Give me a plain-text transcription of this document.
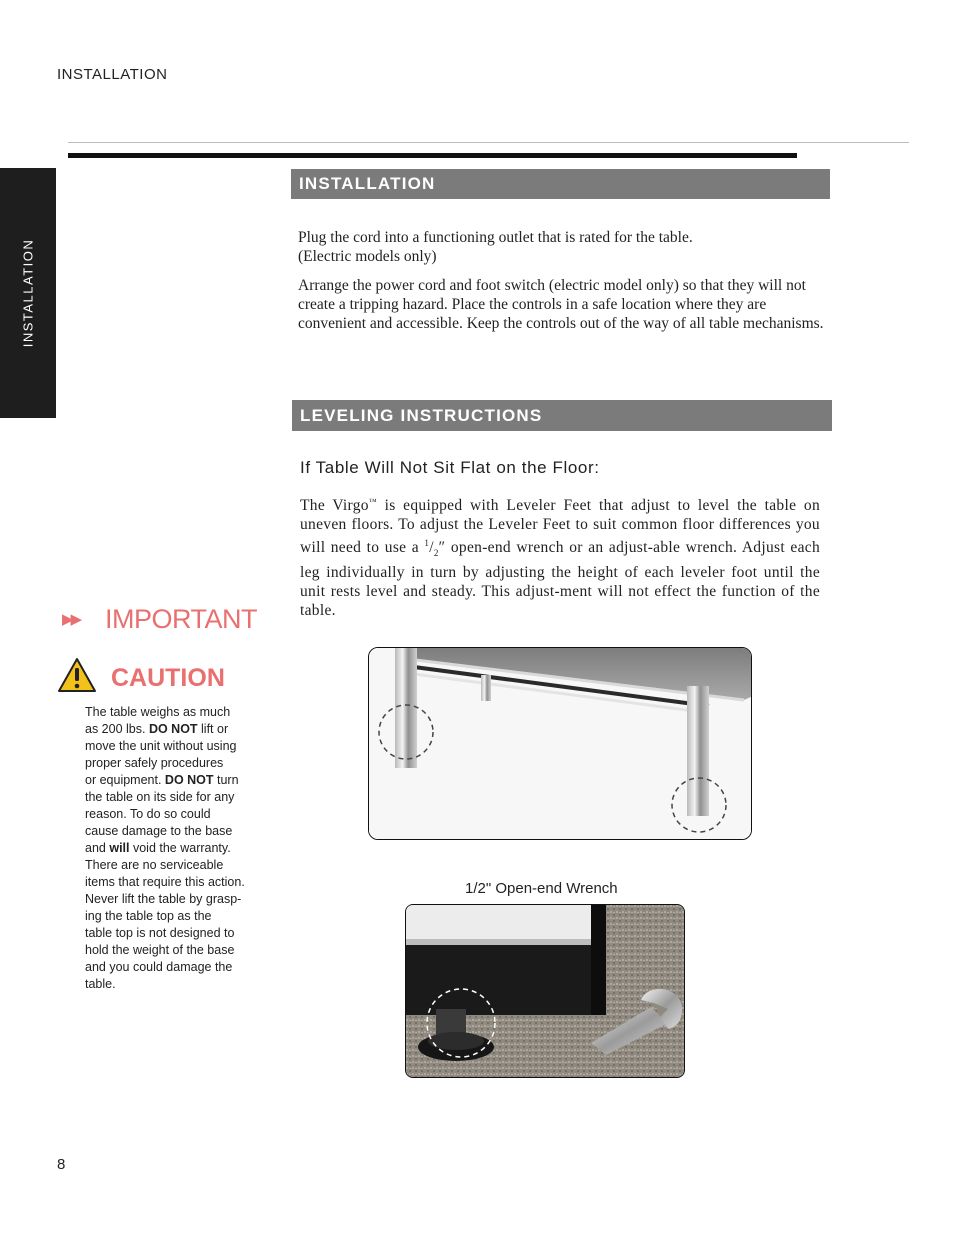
INSTALLATION
INSTALLATION
INSTALLATION
Plug the cord into a functioning outlet that is rated for the table.
(Electric models only)
Arrange the power cord and foot switch (electric model only) so that they will not create a tripping hazard. Place the controls in a safe location where they are convenient and accessible. Keep the controls out of the way of all table mechanisms.
LEVELING INSTRUCTIONS
If Table Will Not Sit Flat on the Floor:
The Virgo™ is equipped with Leveler Feet that adjust to level the table on uneven floors. To adjust the Leveler Feet to suit common floor differences you will need to use a $^1/_2''$ open-end wrench or an adjust-able wrench. Adjust each leg individually in turn by adjusting the height of each leveler foot until the unit rests level and steady. This adjust-ment will not effect the function of the table.
▶▶ IMPORTANT
CAUTION
The table weighs as much
as 200 lbs. DO NOT lift or
move the unit without using
proper safely procedures
or equipment. DO NOT turn
the table on its side for any
reason. To do so could
cause damage to the base
and will void the warranty.
There are no serviceable
items that require this action.
Never lift the table by grasp-
ing the table top as the
table top is not designed to
hold the weight of the base
and you could damage the
table.
1/2" Open-end Wrench
8
